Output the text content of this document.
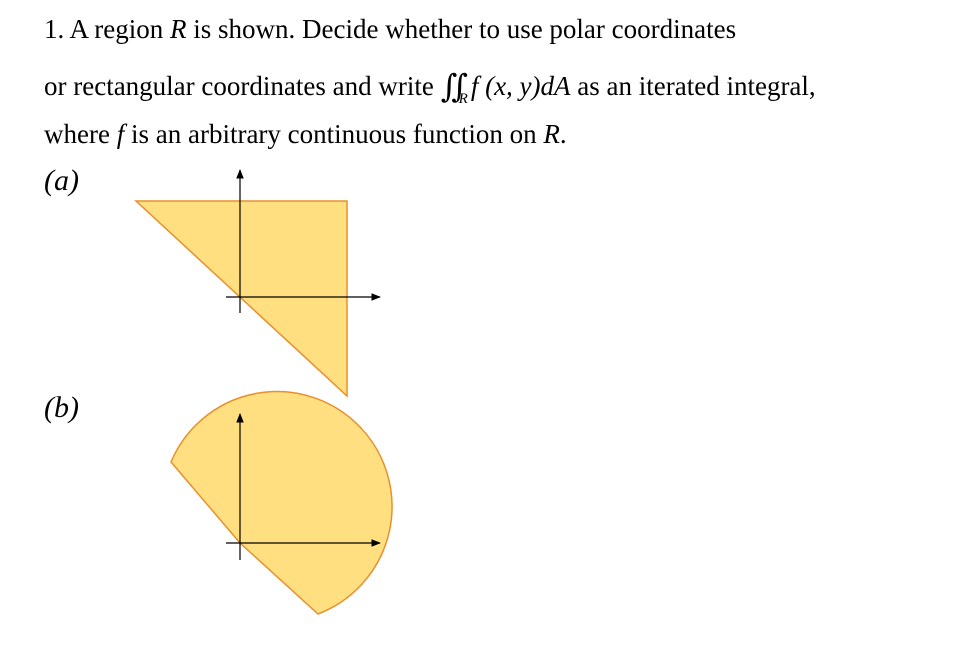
1. A region R is shown. Decide whether to use polar coordinates
or rectangular coordinates and write ∬ R f (x, y)dA as an iterated integral,
where f is an arbitrary continuous function on R.
(a)
(b)
